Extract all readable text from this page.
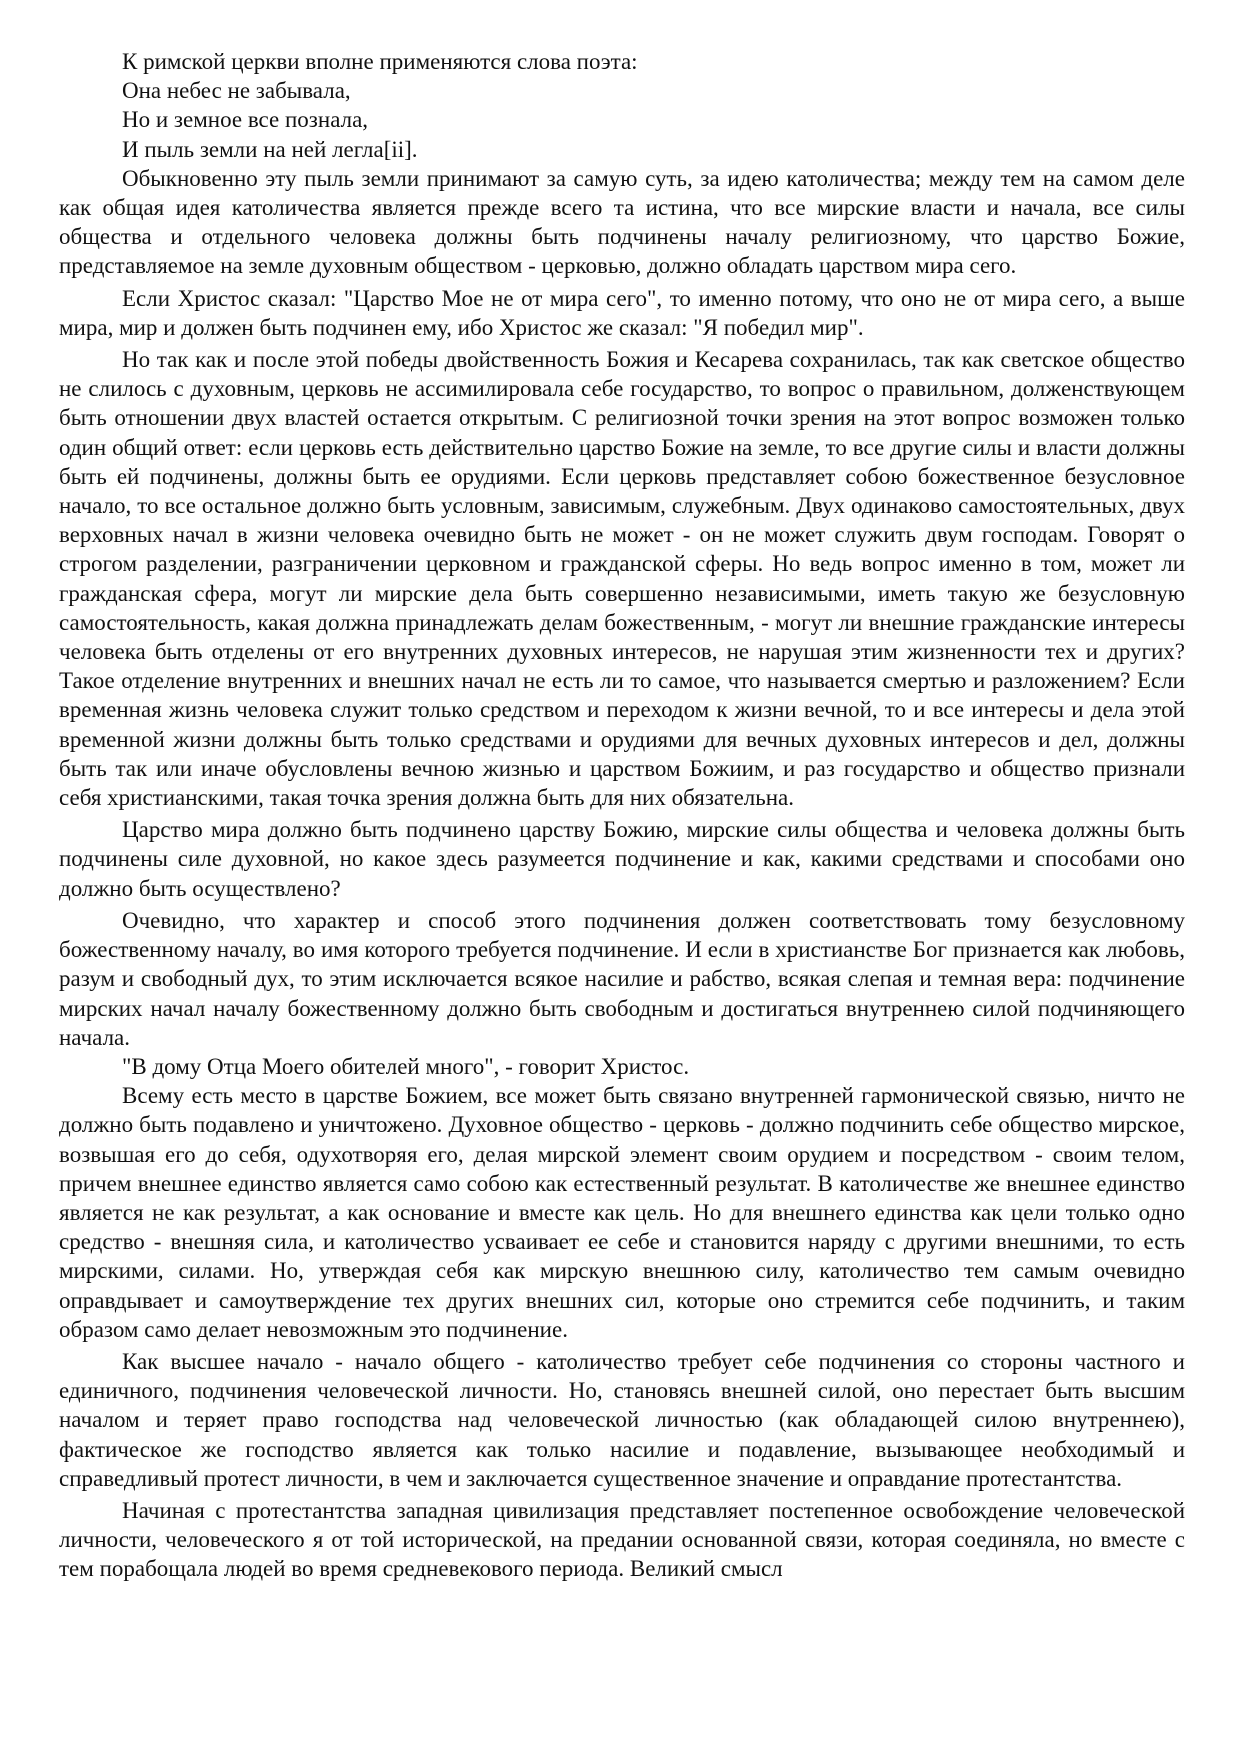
К римской церкви вполне применяются слова поэта:

Она небес не забывала,

Но и земное все познала,

И пыль земли на ней легла[ii].

Обыкновенно эту пыль земли принимают за самую суть, за идею католичества; между тем на самом деле как общая идея католичества является прежде всего та истина, что все мирские власти и начала, все силы общества и отдельного человека должны быть подчинены началу религиозному, что царство Божие, представляемое на земле духовным обществом - церковью, должно обладать царством мира сего.

Если Христос сказал: "Царство Мое не от мира сего", то именно потому, что оно не от мира сего, а выше мира, мир и должен быть подчинен ему, ибо Христос же сказал: "Я победил мир".

Но так как и после этой победы двойственность Божия и Кесарева сохранилась, так как светское общество не слилось с духовным, церковь не ассимилировала себе государство, то вопрос о правильном, долженствующем быть отношении двух властей остается открытым. С религиозной точки зрения на этот вопрос возможен только один общий ответ: если церковь есть действительно царство Божие на земле, то все другие силы и власти должны быть ей подчинены, должны быть ее орудиями. Если церковь представляет собою божественное безусловное начало, то все остальное должно быть условным, зависимым, служебным. Двух одинаково самостоятельных, двух верховных начал в жизни человека очевидно быть не может - он не может служить двум господам. Говорят о строгом разделении, разграничении церковном и гражданской сферы. Но ведь вопрос именно в том, может ли гражданская сфера, могут ли мирские дела быть совершенно независимыми, иметь такую же безусловную самостоятельность, какая должна принадлежать делам божественным, - могут ли внешние гражданские интересы человека быть отделены от его внутренних духовных интересов, не нарушая этим жизненности тех и других? Такое отделение внутренних и внешних начал не есть ли то самое, что называется смертью и разложением? Если временная жизнь человека служит только средством и переходом к жизни вечной, то и все интересы и дела этой временной жизни должны быть только средствами и орудиями для вечных духовных интересов и дел, должны быть так или иначе обусловлены вечною жизнью и царством Божиим, и раз государство и общество признали себя христианскими, такая точка зрения должна быть для них обязательна.

Царство мира должно быть подчинено царству Божию, мирские силы общества и человека должны быть подчинены силе духовной, но какое здесь разумеется подчинение и как, какими средствами и способами оно должно быть осуществлено?

Очевидно, что характер и способ этого подчинения должен соответствовать тому безусловному божественному началу, во имя которого требуется подчинение. И если в христианстве Бог признается как любовь, разум и свободный дух, то этим исключается всякое насилие и рабство, всякая слепая и темная вера: подчинение мирских начал началу божественному должно быть свободным и достигаться внутреннею силой подчиняющего начала.

"В дому Отца Моего обителей много", - говорит Христос.

Всему есть место в царстве Божием, все может быть связано внутренней гармонической связью, ничто не должно быть подавлено и уничтожено. Духовное общество - церковь - должно подчинить себе общество мирское, возвышая его до себя, одухотворяя его, делая мирской элемент своим орудием и посредством - своим телом, причем внешнее единство является само собою как естественный результат. В католичестве же внешнее единство является не как результат, а как основание и вместе как цель. Но для внешнего единства как цели только одно средство - внешняя сила, и католичество усваивает ее себе и становится наряду с другими внешними, то есть мирскими, силами. Но, утверждая себя как мирскую внешнюю силу, католичество тем самым очевидно оправдывает и самоутверждение тех других внешних сил, которые оно стремится себе подчинить, и таким образом само делает невозможным это подчинение.

Как высшее начало - начало общего - католичество требует себе подчинения со стороны частного и единичного, подчинения человеческой личности. Но, становясь внешней силой, оно перестает быть высшим началом и теряет право господства над человеческой личностью (как обладающей силою внутреннею), фактическое же господство является как только насилие и подавление, вызывающее необходимый и справедливый протест личности, в чем и заключается существенное значение и оправдание протестантства.

Начиная с протестантства западная цивилизация представляет постепенное освобождение человеческой личности, человеческого я от той исторической, на предании основанной связи, которая соединяла, но вместе с тем порабощала людей во время средневекового периода. Великий смысл
